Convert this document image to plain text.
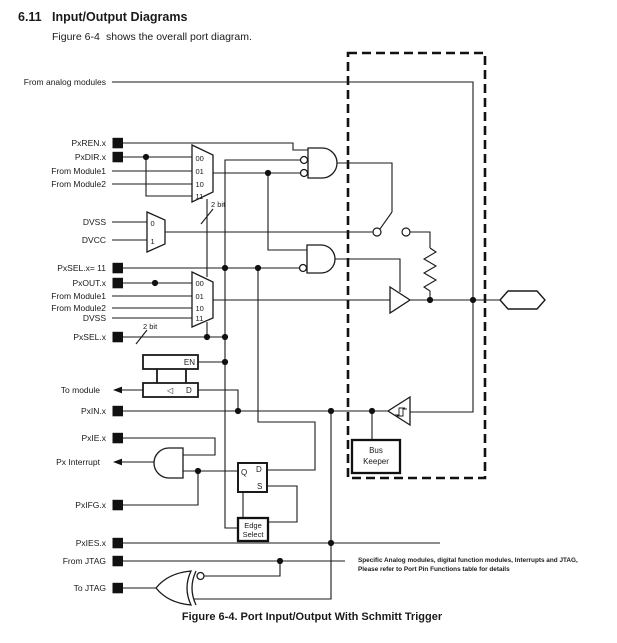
6.11 Input/Output Diagrams
Figure 6-4 shows the overall port diagram.
From analog modules
PxREN.x
PxDIR.x
From Module1
From Module2
DVSS
DVCC
PxSEL.x= 11
PxOUT.x
From Module1
From Module2
DVSS
PxSEL.x
To module
PxIN.x
PxIE.x
Px Interrupt
PxIFG.x
PxIES.x
From JTAG
To JTAG
00
01
10
11
00
01
10
11
0
1
2 bit
2 bit
EN
◁ D
Q D
S
Edge
Select
Bus
Keeper
Specific Analog modules, digital function modules, Interrupts and JTAG,
Please refer to Port Pin Functions table for details
Figure 6-4. Port Input/Output With Schmitt Trigger
